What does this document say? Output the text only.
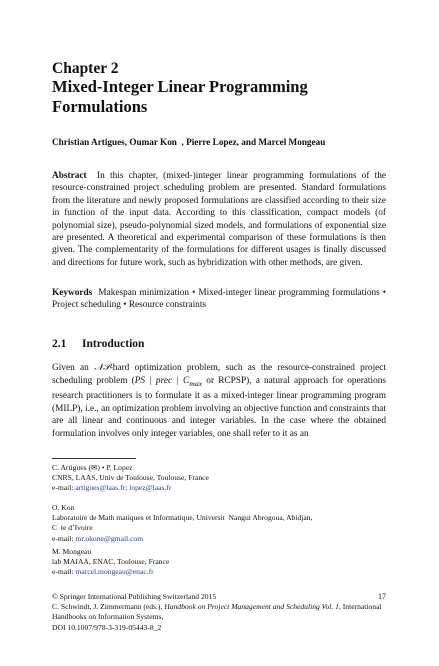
Chapter 2
Mixed-Integer Linear Programming Formulations
Christian Artigues, Oumar Kon  , Pierre Lopez, and Marcel Mongeau
Abstract In this chapter, (mixed-)integer linear programming formulations of the resource-constrained project scheduling problem are presented. Standard formulations from the literature and newly proposed formulations are classified according to their size in function of the input data. According to this classification, compact models (of polynomial size), pseudo-polynomial sized models, and formulations of exponential size are presented. A theoretical and experimental comparison of these formulations is then given. The complementarity of the formulations for different usages is finally discussed and directions for future work, such as hybridization with other methods, are given.
Keywords Makespan minimization • Mixed-integer linear programming formulations • Project scheduling • Resource constraints
2.1 Introduction
Given an 𝒩𝒫-hard optimization problem, such as the resource-constrained project scheduling problem (PS | prec | $C_{max}$ or RCPSP), a natural approach for operations research practitioners is to formulate it as a mixed-integer linear programming program (MILP), i.e., an optimization problem involving an objective function and constraints that are all linear and continuous and integer variables. In the case where the obtained formulation involves only integer variables, one shall refer to it as an
C. Artigues (✉) • P. Lopez
CNRS, LAAS, Univ de Toulouse, Toulouse, France
e-mail: artigues@laas.fr; lopez@laas.fr
O. Kon
Laboratoire de Math matiques et Informatique, Universit  Nangui Abrogoua, Abidjan,
C  te d’Ivoire
e-mail: mr.okone@gmail.com
M. Mongeau
lab MAIAA, ENAC, Toulouse, France
e-mail: marcel.mongeau@enac.fr
© Springer International Publishing Switzerland 2015
C. Schwindt, J. Zimmermann (eds.), Handbook on Project Management and Scheduling Vol. 1, International Handbooks on Information Systems,
DOI 10.1007/978-3-319-05443-8_2
17
